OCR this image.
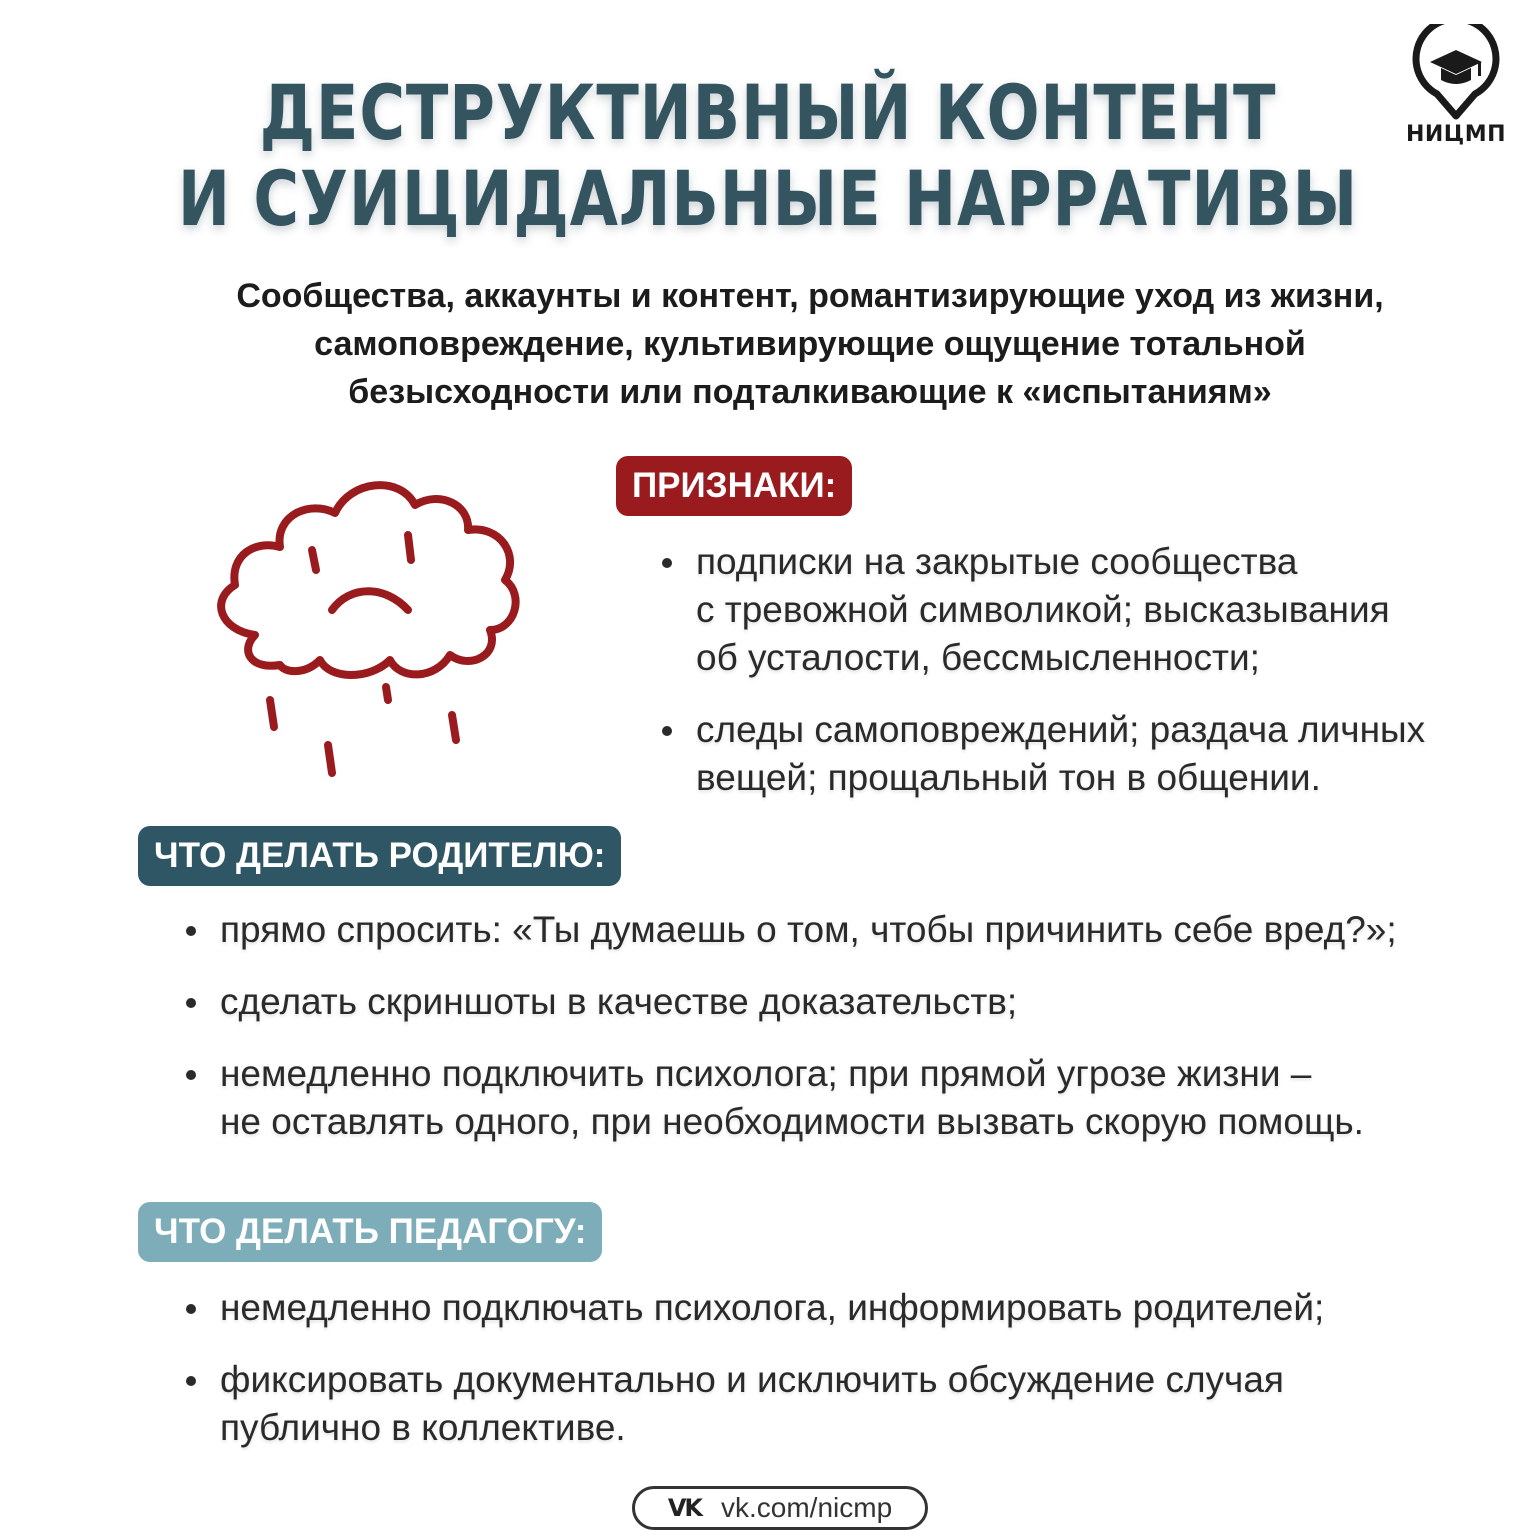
ДЕСТРУКТИВНЫЙ КОНТЕНТ
И СУИЦИДАЛЬНЫЕ НАРРАТИВЫ
НИЦМП

Сообщества, аккаунты и контент, романтизирующие уход из жизни,
самоповреждение, культивирующие ощущение тотальной
безысходности или подталкивающие к «испытаниям»

ПРИЗНАКИ:
подписки на закрытые сообщества
с тревожной символикой; высказывания
об усталости, бессмысленности;
следы самоповреждений; раздача личных
вещей; прощальный тон в общении.
ЧТО ДЕЛАТЬ РОДИТЕЛЮ:
прямо спросить: «Ты думаешь о том, чтобы причинить себе вред?»;
сделать скриншоты в качестве доказательств;
немедленно подключить психолога; при прямой угрозе жизни –
не оставлять одного, при необходимости вызвать скорую помощь.
ЧТО ДЕЛАТЬ ПЕДАГОГУ:
немедленно подключать психолога, информировать родителей;
фиксировать документально и исключить обсуждение случая
публично в коллективе.
VK vk.com/nicmp
